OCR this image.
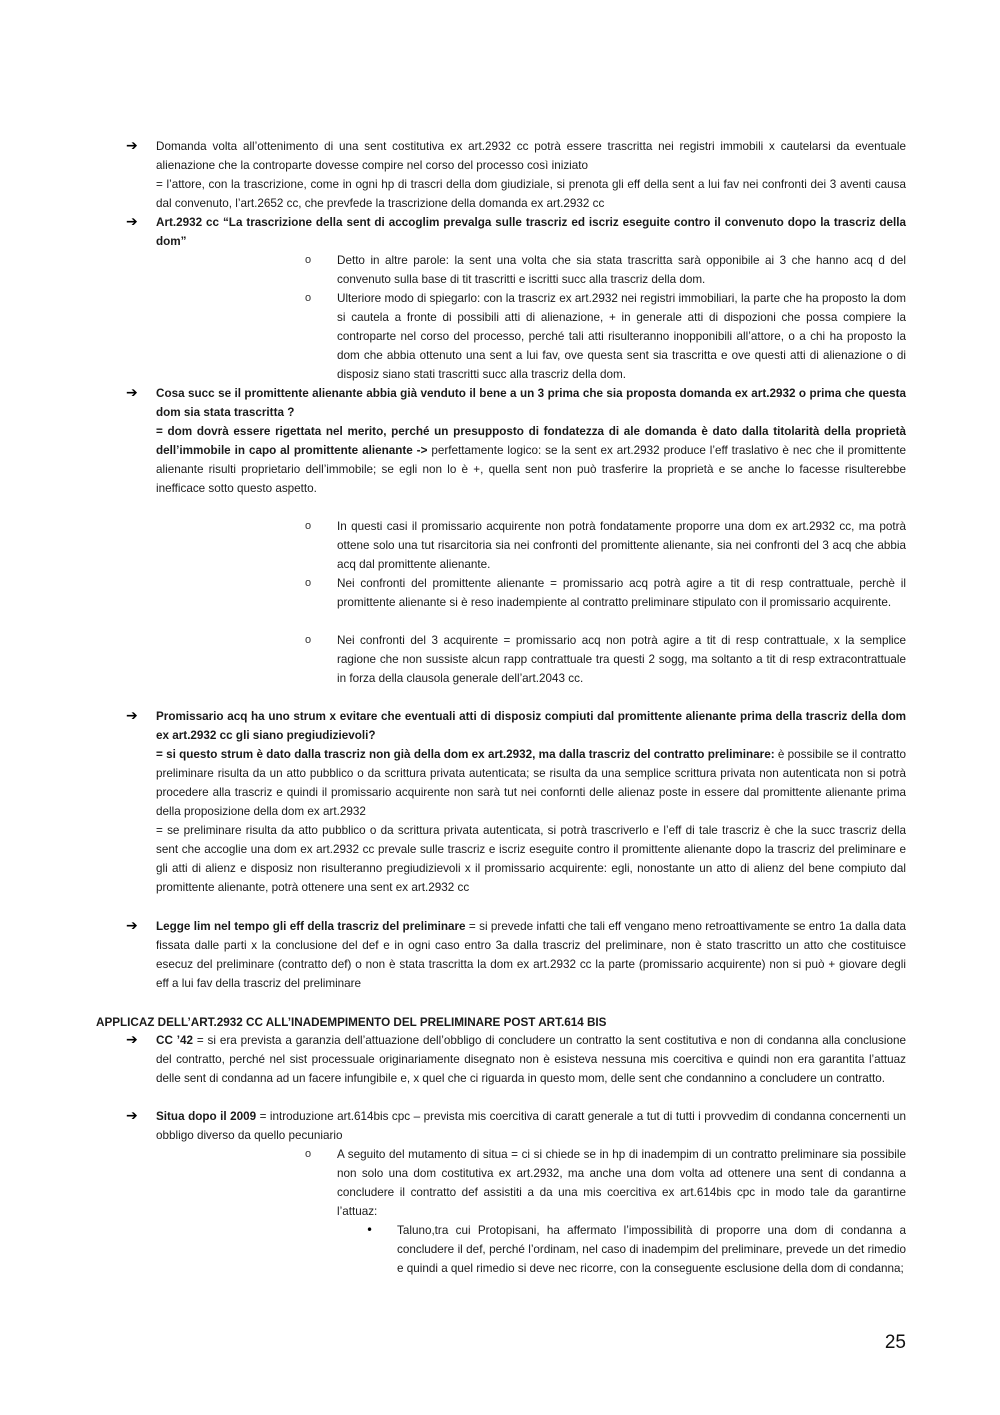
➔ Domanda volta all’ottenimento di una sent costitutiva ex art.2932 cc potrà essere trascritta nei registri immobili x cautelarsi da eventuale alienazione che la controparte dovesse compire nel corso del processo così iniziato

= l’attore, con la trascrizione, come in ogni hp di trascri della dom giudiziale, si prenota gli eff della sent a lui fav nei confronti dei 3 aventi causa dal convenuto, l’art.2652 cc, che prevfede la trascrizione della domanda ex art.2932 cc

➔ Art.2932 cc “La trascrizione della sent di accoglim prevalga sulle trascriz ed iscriz eseguite contro il convenuto dopo la trascriz della dom”

o Detto in altre parole: la sent una volta che sia stata trascritta sarà opponibile ai 3 che hanno acq d del convenuto sulla base di tit trascritti e iscritti succ alla trascriz della dom.

o Ulteriore modo di spiegarlo: con la trascriz ex art.2932 nei registri immobiliari, la parte che ha proposto la dom si cautela a fronte di possibili atti di alienazione, + in generale atti di dispozioni che possa compiere la controparte nel corso del processo, perché tali atti risulteranno inopponibili all’attore, o a chi ha proposto la dom che abbia ottenuto una sent a lui fav, ove questa sent sia trascritta e ove questi atti di alienazione o di disposiz siano stati trascritti succ alla trascriz della dom.

➔ Cosa succ se il promittente alienante abbia già venduto il bene a un 3 prima che sia proposta domanda ex art.2932 o prima che questa dom sia stata trascritta ?

= dom dovrà essere rigettata nel merito, perché un presupposto di fondatezza di ale domanda è dato dalla titolarità della proprietà dell’immobile in capo al promittente alienante -> perfettamente logico: se la sent ex art.2932 produce l’eff traslativo è nec che il promittente alienante risulti proprietario dell’immobile; se egli non lo è +, quella sent non può trasferire la proprietà e se anche lo facesse risulterebbe inefficace sotto questo aspetto.

o In questi casi il promissario acquirente non potrà fondatamente proporre una dom ex art.2932 cc, ma potrà ottene solo una tut risarcitoria sia nei confronti del promittente alienante, sia nei confronti del 3 acq che abbia acq dal promittente alienante.

o Nei confronti del promittente alienante = promissario acq potrà agire a tit di resp contrattuale, perchè il promittente alienante si è reso inadempiente al contratto preliminare stipulato con il promissario acquirente.

o Nei confronti del 3 acquirente = promissario acq non potrà agire a tit di resp contrattuale, x la semplice ragione che non sussiste alcun rapp contrattuale tra questi 2 sogg, ma soltanto a tit di resp extracontrattuale in forza della clausola generale dell’art.2043 cc.

➔ Promissario acq ha uno strum x evitare che eventuali atti di disposiz compiuti dal promittente alienante prima della trascriz della dom ex art.2932 cc gli siano pregiudizievoli?

= si questo strum è dato dalla trascriz non già della dom ex art.2932, ma dalla trascriz del contratto preliminare: è possibile se il contratto preliminare risulta da un atto pubblico o da scrittura privata autenticata; se risulta da una semplice scrittura privata non autenticata non si potrà procedere alla trascriz e quindi il promissario acquirente non sarà tut nei confornti delle alienaz poste in essere dal promittente alienante prima della proposizione della dom ex art.2932

= se preliminare risulta da atto pubblico o da scrittura privata autenticata, si potrà trascriverlo e l’eff di tale trascriz è che la succ trascriz della sent che accoglie una dom ex art.2932 cc prevale sulle trascriz e iscriz eseguite contro il promittente alienante dopo la trascriz del preliminare e gli atti di alienz e disposiz non risulteranno pregiudizievoli x il promissario acquirente: egli, nonostante un atto di alienz del bene compiuto dal promittente alienante, potrà ottenere una sent ex art.2932 cc

➔ Legge lim nel tempo gli eff della trascriz del preliminare = si prevede infatti che tali eff vengano meno retroattivamente se entro 1a dalla data fissata dalle parti x la conclusione del def e in ogni caso entro 3a dalla trascriz del preliminare, non è stato trascritto un atto che costituisce esecuz del preliminare (contratto def) o non è stata trascritta la dom ex art.2932 cc la parte (promissario acquirente) non si può + giovare degli eff a lui fav della trascriz del preliminare

APPLICAZ DELL’ART.2932 CC ALL’INADEMPIMENTO DEL PRELIMINARE POST ART.614 BIS
➔ CC ’42 = si era prevista a garanzia dell’attuazione dell’obbligo di concludere un contratto la sent costitutiva e non di condanna alla conclusione del contratto, perché nel sist processuale originariamente disegnato non è esisteva nessuna mis coercitiva e quindi non era garantita l’attuaz delle sent di condanna ad un facere infungibile e, x quel che ci riguarda in questo mom, delle sent che condannino a concludere un contratto.

➔ Situa dopo il 2009 = introduzione art.614bis cpc – prevista mis coercitiva di caratt generale a tut di tutti i provvedim di condanna concernenti un obbligo diverso da quello pecuniario

o A seguito del mutamento di situa = ci si chiede se in hp di inadempim di un contratto preliminare sia possibile non solo una dom costitutiva ex art.2932, ma anche una dom volta ad ottenere una sent di condanna a concludere il contratto def assistiti a da una mis coercitiva ex art.614bis cpc in modo tale da garantirne l’attuaz:

• Taluno,tra cui Protopisani, ha affermato l’impossibilità di proporre una dom di condanna a concludere il def, perché l’ordinam, nel caso di inadempim del preliminare, prevede un det rimedio e quindi a quel rimedio si deve nec ricorre, con la conseguente esclusione della dom di condanna;

25
